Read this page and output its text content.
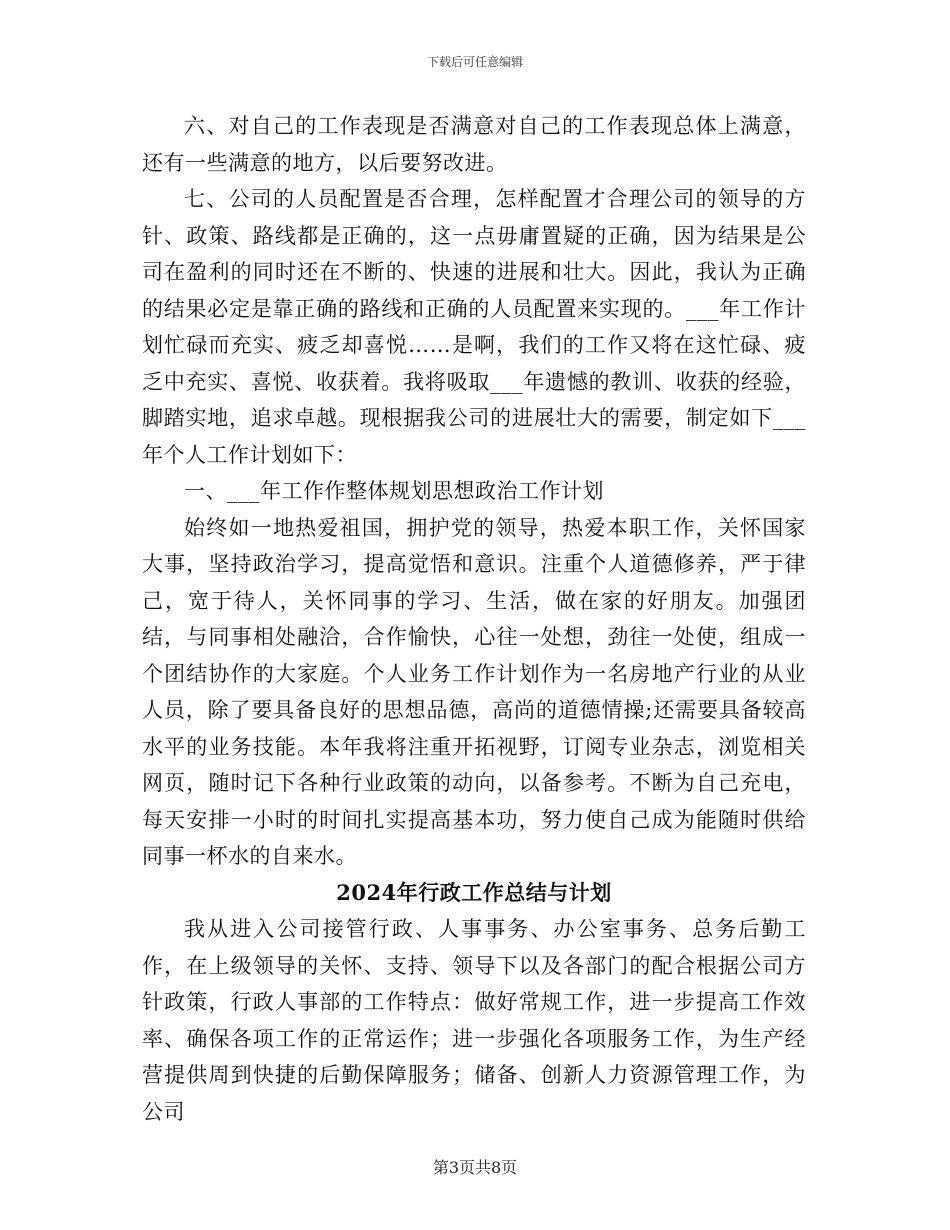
下载后可任意编辑

六、对自己的工作表现是否满意对自己的工作表现总体上满意，还有一些满意的地方，以后要努改进。

七、公司的人员配置是否合理，怎样配置才合理公司的领导的方针、政策、路线都是正确的，这一点毋庸置疑的正确，因为结果是公司在盈利的同时还在不断的、快速的进展和壮大。因此，我认为正确的结果必定是靠正确的路线和正确的人员配置来实现的。___年工作计划忙碌而充实、疲乏却喜悦……是啊，我们的工作又将在这忙碌、疲乏中充实、喜悦、收获着。我将吸取___年遗憾的教训、收获的经验，脚踏实地，追求卓越。现根据我公司的进展壮大的需要，制定如下___年个人工作计划如下：

一、___年工作作整体规划思想政治工作计划

始终如一地热爱祖国，拥护党的领导，热爱本职工作，关怀国家大事，坚持政治学习，提高觉悟和意识。注重个人道德修养，严于律己，宽于待人，关怀同事的学习、生活，做在家的好朋友。加强团结，与同事相处融洽，合作愉快，心往一处想，劲往一处使，组成一个团结协作的大家庭。个人业务工作计划作为一名房地产行业的从业人员，除了要具备良好的思想品德，高尚的道德情操;还需要具备较高水平的业务技能。本年我将注重开拓视野，订阅专业杂志，浏览相关网页，随时记下各种行业政策的动向，以备参考。不断为自己充电，每天安排一小时的时间扎实提高基本功，努力使自己成为能随时供给同事一杯水的自来水。

2024年行政工作总结与计划

我从进入公司接管行政、人事事务、办公室事务、总务后勤工作，在上级领导的关怀、支持、领导下以及各部门的配合根据公司方针政策，行政人事部的工作特点：做好常规工作，进一步提高工作效率、确保各项工作的正常运作；进一步强化各项服务工作，为生产经营提供周到快捷的后勤保障服务；储备、创新人力资源管理工作，为公司

第3页共8页
